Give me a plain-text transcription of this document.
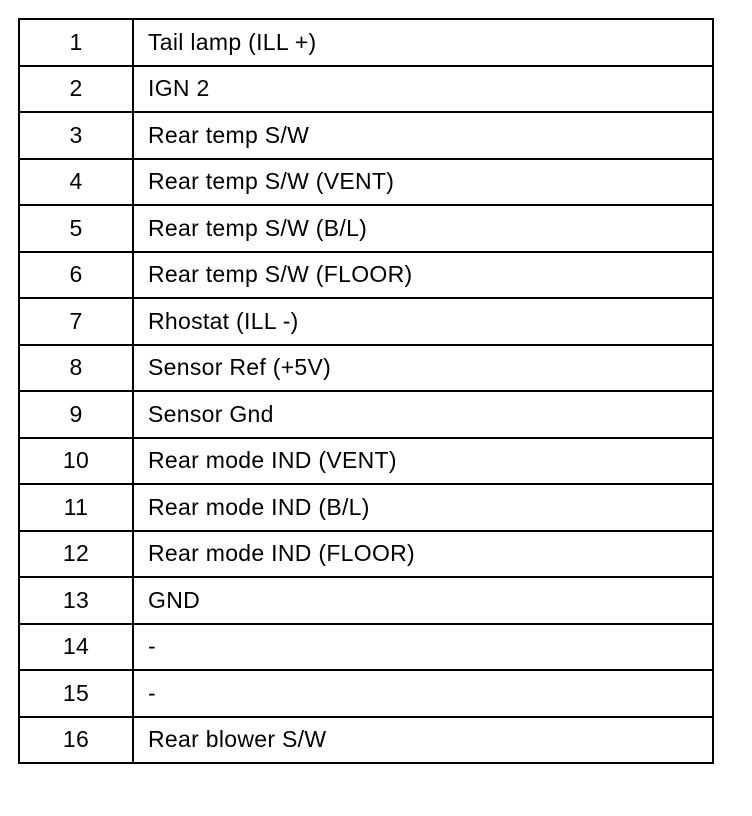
1	Tail lamp (ILL +)
2	IGN 2
3	Rear temp S/W
4	Rear temp S/W (VENT)
5	Rear temp S/W (B/L)
6	Rear temp S/W (FLOOR)
7	Rhostat (ILL -)
8	Sensor Ref (+5V)
9	Sensor Gnd
10	Rear mode IND (VENT)
11	Rear mode IND (B/L)
12	Rear mode IND (FLOOR)
13	GND
14	-
15	-
16	Rear blower S/W
